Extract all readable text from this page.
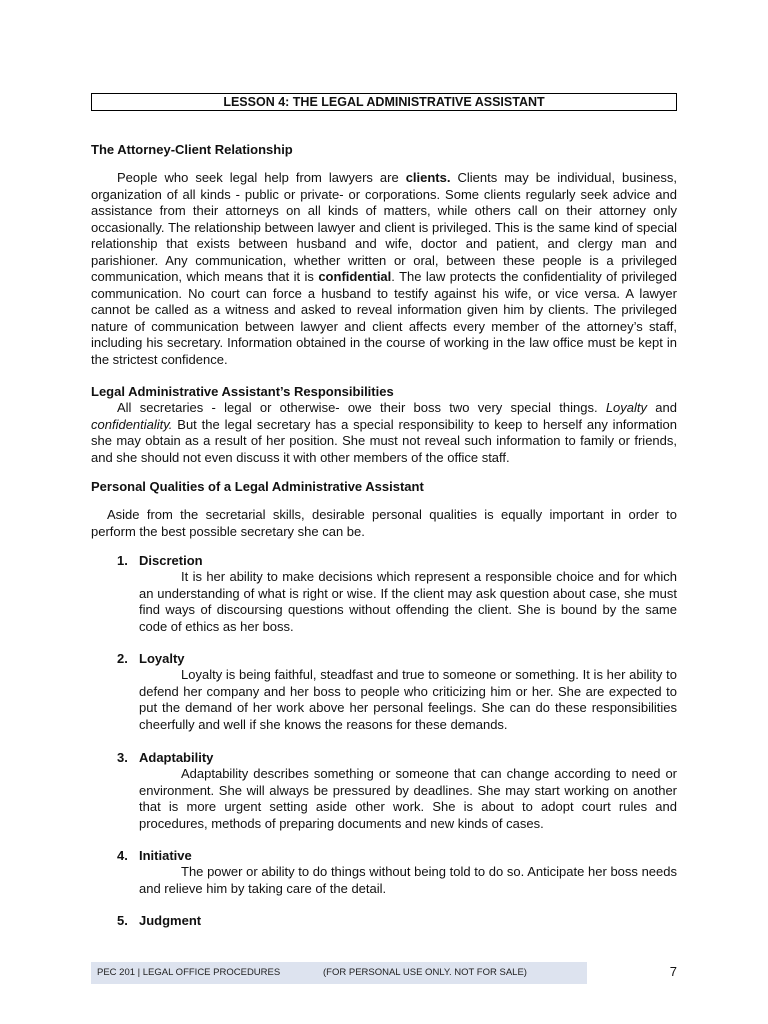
LESSON 4: THE LEGAL ADMINISTRATIVE ASSISTANT
The Attorney-Client Relationship

People who seek legal help from lawyers are clients. Clients may be individual, business, organization of all kinds - public or private- or corporations. Some clients regularly seek advice and assistance from their attorneys on all kinds of matters, while others call on their attorney only occasionally. The relationship between lawyer and client is privileged. This is the same kind of special relationship that exists between husband and wife, doctor and patient, and clergy man and parishioner. Any communication, whether written or oral, between these people is a privileged communication, which means that it is confidential. The law protects the confidentiality of privileged communication. No court can force a husband to testify against his wife, or vice versa. A lawyer cannot be called as a witness and asked to reveal information given him by clients. The privileged nature of communication between lawyer and client affects every member of the attorney’s staff, including his secretary. Information obtained in the course of working in the law office must be kept in the strictest confidence.

Legal Administrative Assistant’s Responsibilities

All secretaries - legal or otherwise- owe their boss two very special things. Loyalty and confidentiality. But the legal secretary has a special responsibility to keep to herself any information she may obtain as a result of her position. She must not reveal such information to family or friends, and she should not even discuss it with other members of the office staff.

Personal Qualities of a Legal Administrative Assistant

Aside from the secretarial skills, desirable personal qualities is equally important in order to perform the best possible secretary she can be.

1. Discretion

It is her ability to make decisions which represent a responsible choice and for which an understanding of what is right or wise. If the client may ask question about case, she must find ways of discoursing questions without offending the client. She is bound by the same code of ethics as her boss.

2. Loyalty

Loyalty is being faithful, steadfast and true to someone or something. It is her ability to defend her company and her boss to people who criticizing him or her. She are expected to put the demand of her work above her personal feelings. She can do these responsibilities cheerfully and well if she knows the reasons for these demands.

3. Adaptability

Adaptability describes something or someone that can change according to need or environment. She will always be pressured by deadlines. She may start working on another that is more urgent setting aside other work. She is about to adopt court rules and procedures, methods of preparing documents and new kinds of cases.

4. Initiative

The power or ability to do things without being told to do so. Anticipate her boss needs and relieve him by taking care of the detail.

5. Judgment
PEC 201 | LEGAL OFFICE PROCEDURES	(FOR PERSONAL USE ONLY. NOT FOR SALE)	7
